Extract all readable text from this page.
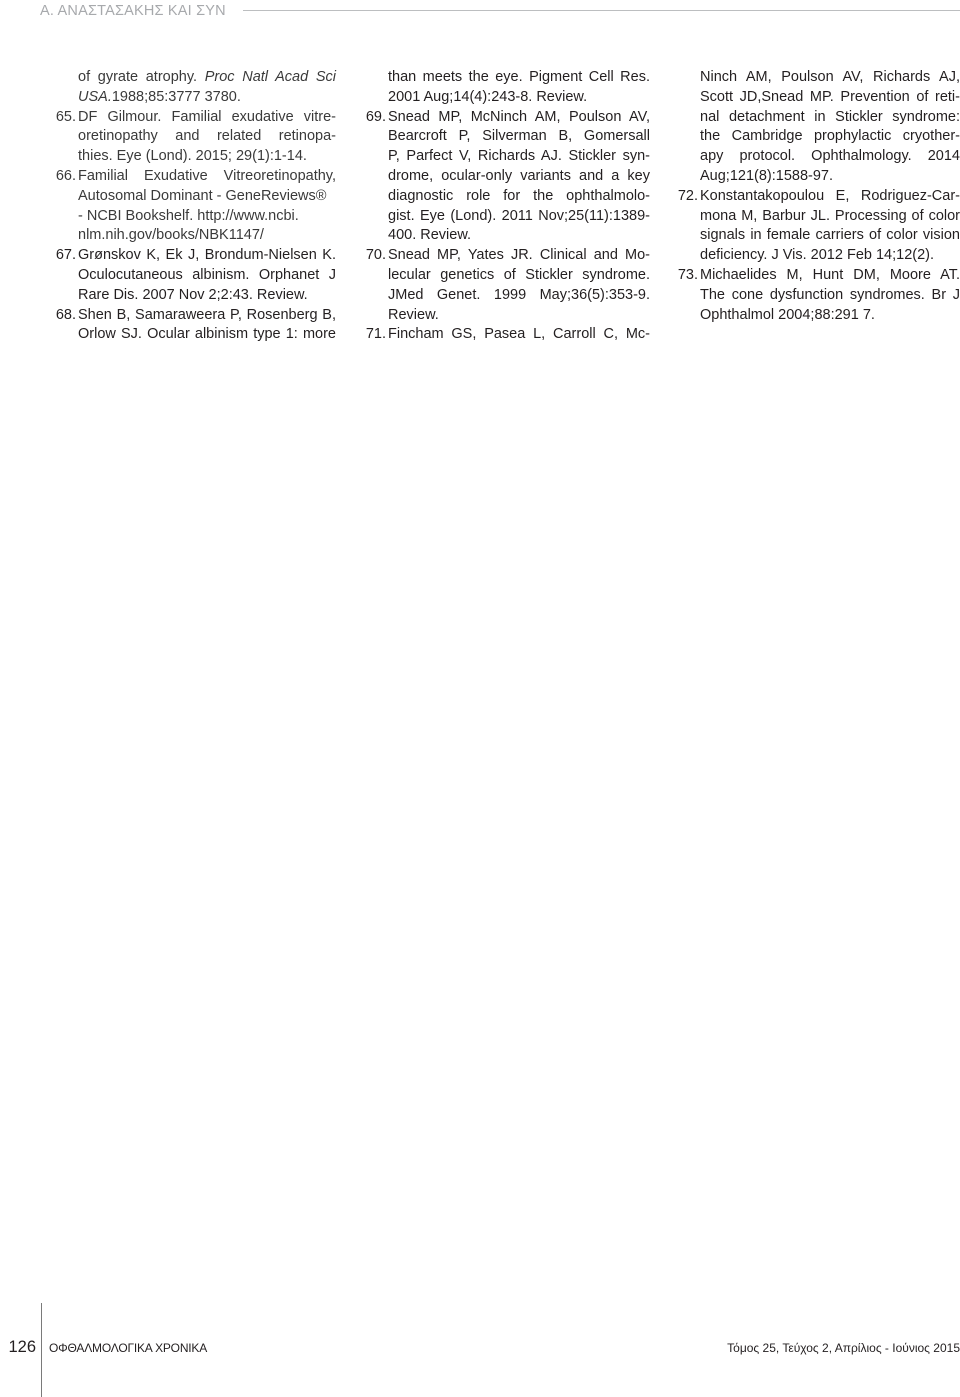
Α. ΑΝΑΣΤΑΣΑΚΗΣ ΚΑΙ ΣΥΝ
of gyrate atrophy. Proc Natl Acad Sci
USA.1988;85:3777 3780.
65. DF Gilmour. Familial exudative vitre-
oretinopathy and related retinopa-
thies. Eye (Lond). 2015; 29(1):1-14.
66. Familial Exudative Vitreoretinopathy,
Autosomal Dominant - GeneReviews®
- NCBI Bookshelf. http://www.ncbi.
nlm.nih.gov/books/NBK1147/
67. Grønskov K, Ek J, Brondum-Nielsen K.
Oculocutaneous albinism. Orphanet J
Rare Dis. 2007 Nov 2;2:43. Review.
68. Shen B, Samaraweera P, Rosenberg B,
Orlow SJ. Ocular albinism type 1: more
than meets the eye. Pigment Cell Res.
2001 Aug;14(4):243-8. Review.
69. Snead MP, McNinch AM, Poulson AV,
Bearcroft P, Silverman B, Gomersall
P, Parfect V, Richards AJ. Stickler syn-
drome, ocular-only variants and a key
diagnostic role for the ophthalmolo-
gist. Eye (Lond). 2011 Nov;25(11):1389-
400. Review.
70. Snead MP, Yates JR. Clinical and Mo-
lecular genetics of Stickler syndrome.
JMed Genet. 1999 May;36(5):353-9.
Review.
71. Fincham GS, Pasea L, Carroll C, Mc-
Ninch AM, Poulson AV, Richards AJ,
Scott JD,Snead MP. Prevention of reti-
nal detachment in Stickler syndrome:
the Cambridge prophylactic cryother-
apy protocol. Ophthalmology. 2014
Aug;121(8):1588-97.
72. Konstantakopoulou E, Rodriguez-Car-
mona M, Barbur JL. Processing of color
signals in female carriers of color vision
deficiency. J Vis. 2012 Feb 14;12(2).
73. Michaelides M, Hunt DM, Moore AT.
The cone dysfunction syndromes. Br J
Ophthalmol 2004;88:291 7.
126 ΟΦΘΑΛΜΟΛΟΓΙΚΑ ΧΡΟΝΙΚΑ	Τόμος 25, Τεύχος 2, Απρίλιος - Ιούνιος 2015
